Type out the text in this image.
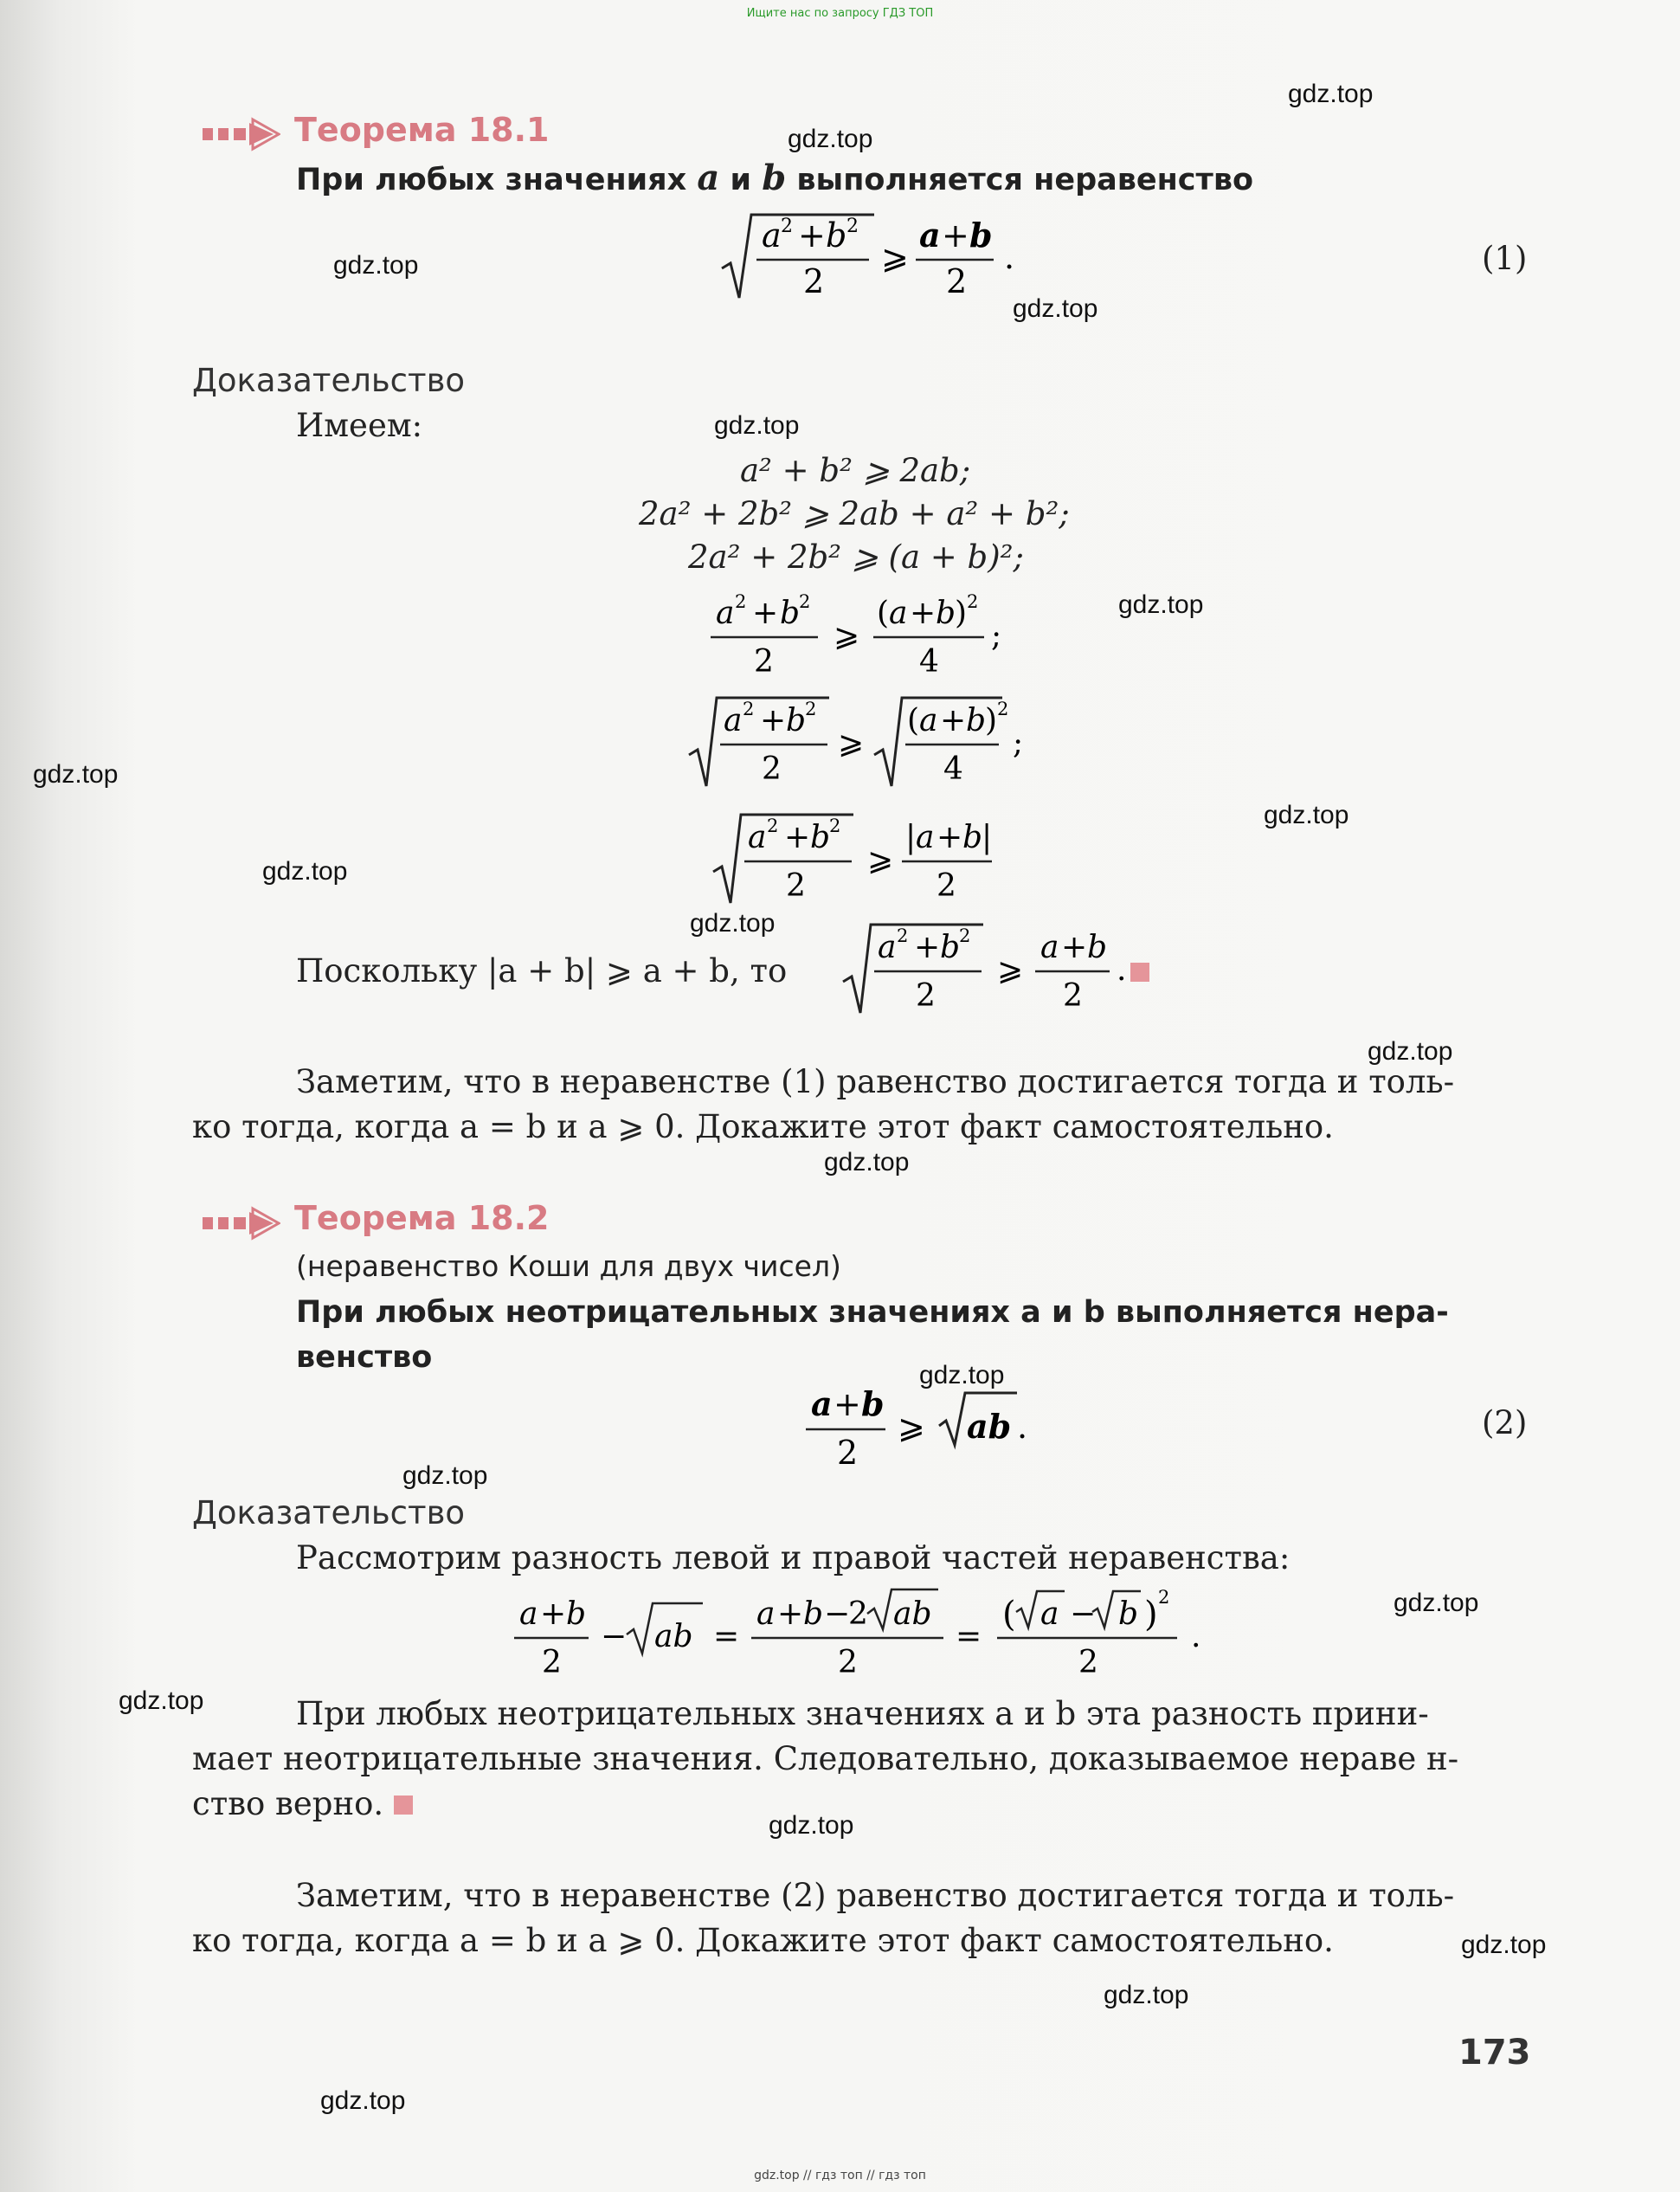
Ищите нас по запросу ГДЗ ТОП
gdz.top
gdz.top
gdz.top
gdz.top
gdz.top
gdz.top
gdz.top
gdz.top
gdz.top
gdz.top
gdz.top
gdz.top
gdz.top
gdz.top
gdz.top
gdz.top
gdz.top
gdz.top
gdz.top
gdz.top
Теорема 18.1
При любых значениях a и b выполняется неравенство
a 2 + b 2
2
⩾
a + b
2
.	(1)
Доказательство
Имеем:
a² + b² ⩾ 2ab;
2a² + 2b² ⩾ 2ab + a² + b²;
2a² + 2b² ⩾ (a + b)²;
a 2 + b
2
2
⩾
( a + b
) 2
4
;
a 2 + b
2
2
⩾
( a + b
) 2
4
;
a 2 + b
2
2
⩾
| a + b
|
2
Поскольку |a + b| ⩾ a + b, то
a 2 + b
2
2
⩾
a + b
2
.
Заметим, что в неравенстве (1) равенство достигается тогда и толь-
ко тогда, когда a = b и a ⩾ 0. Докажите этот факт самостоятельно.
Теорема 18.2
(неравенство Коши для двух чисел)
При любых неотрицательных значениях a и b выполняется нера-
венство
a + b
2
⩾ ab .	(2)
Доказательство
Рассмотрим разность левой и правой частей неравенства:
a + b
2
− ab =
a + b −
2 ab
2
=
( a − b ) 2
2
.
При любых неотрицательных значениях a и b эта разность прини-
мает неотрицательные значения. Следовательно, доказываемое нераве н-
ство верно.
Заметим, что в неравенстве (2) равенство достигается тогда и толь-
ко тогда, когда a = b и a ⩾ 0. Докажите этот факт самостоятельно.
173
gdz.top // гдз топ // гдз топ
